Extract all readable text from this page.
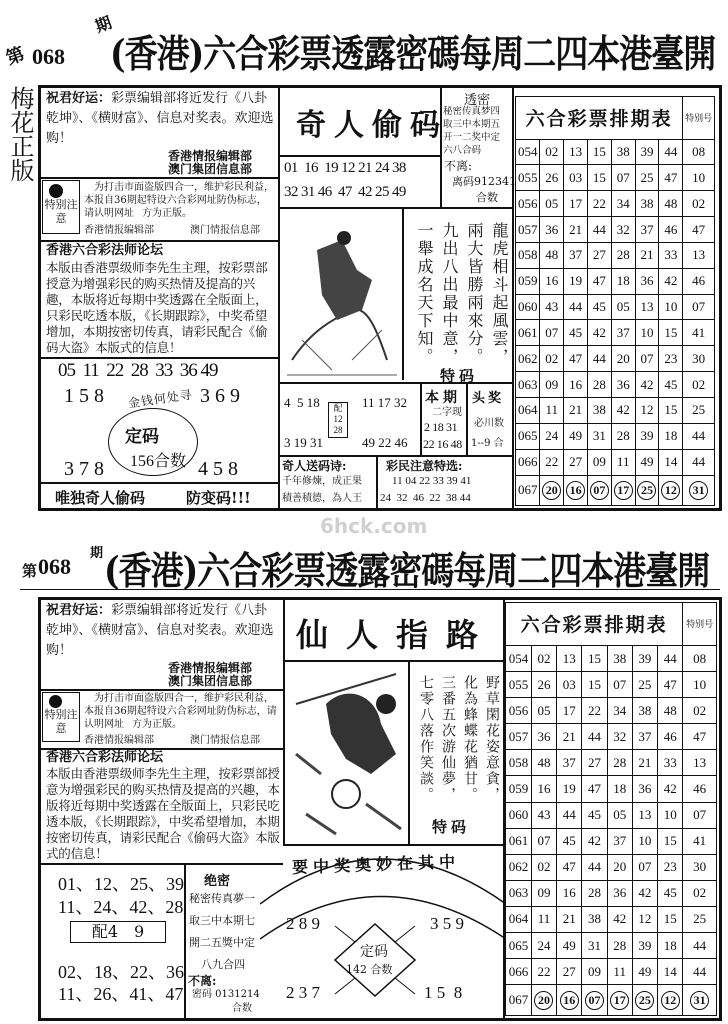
第 068
期
(香港)六合彩票透露密碼每周二四本港臺開
梅花正版 祝君好运：彩票编辑部将近发行《八卦乾坤》、《横财富》、信息对奖表。欢迎选购！
香港情报编辑部
澳门集团信息部
特别注意
为打击市面盗版四合一，维护彩民利益，本报自36期起特设六合彩网址防伪标志，请认明网址 方为正版。
香港情报编辑部	澳门情报信息部
香港六合彩法师论坛
本版由香港票级师李先生主理，按彩票部授意为增强彩民的购买热情及提高的兴趣，本版将近每期中奖透露在全版面上，只彩民吃透本版，《长期跟踪》，中奖希望增加，本期按密切传真，请彩民配合《偷码大盗》本版式的信息！
05  11  22  28  33  36 49
1 5 8	3 6 9
金钱何处寻
定码
156合数
3 7 8	4 5 8
唯独奇人偷码	防变码!!!
奇人偷码
01  16  19 12 21 24 38
32 31 46  47  42 25 49
透密
秘密传真梦四
取三中本期五
开一二奖中定
六八合码
不离:
离码912341
合数
龍虎相斗起風雲，兩大皆勝兩來分。九出八出最中意，一舉成名天下知。
特码
4  5 18
3 19 31
配
12
28
11 17 32
49 22 46
本期
二字现
2 18 31
22 16 48
头奖
必川数
1--9 合
奇人送码诗:
千年修煉，成正果
積善積德，為人王
彩民注意特选:
11 04 22 33 39 41
24  32  46  22  38 44
六合彩票排期表							特别号
054	02	13	15	38	39	44	08
055	26	03	15	07	25	47	10
056	05	17	22	34	38	48	02
057	36	21	44	32	37	46	47
058	48	37	27	28	21	33	13
059	16	19	47	18	36	42	46
060	43	44	45	05	13	10	07
061	07	45	42	37	10	15	41
062	02	47	44	20	07	23	30
063	09	16	28	36	42	45	02
064	11	21	38	42	12	15	25
065	24	49	31	28	39	18	44
066	22	27	09	11	49	14	44
067	20	16	07	17	25	12	31
6hck.com
第 068
期 (香港)六合彩票透露密碼每周二四本港臺開
祝君好运：彩票编辑部将近发行《八卦乾坤》、《横财富》、信息对奖表。欢迎选购！
香港情报编辑部
澳门集团信息部
特别注意
为打击市面盗版四合一，维护彩民利益，本报自36期起特设六合彩网址防伪标志，请认明网址 方为正版。
香港情报编辑部	澳门情报信息部
香港六合彩法师论坛
本版由香港票级师李先生主理，按彩票部授意为增强彩民的购买热情及提高的兴趣，本版将近每期中奖透露在全版面上，只彩民吃透本版，《长期跟踪》，中奖希望增加，本期按密切传真，请彩民配合《偷码大盗》本版式的信息！
01、12、25、39
11、24、42、28
配4　9
02、18、22、36
11、26、41、47
绝密
秘密传真夢一
取三中本期七
開二五獎中定
八九合四
不离:
密码 0131214
合数
仙人指路
野草閑花姿意貪，化為蜂蝶花猶甘。三番五次游仙夢，七零八落作笑談。
特码
要中奖奥妙在其中
2 8 9	3 5 9
定码
142 合数
2 3 7	1 5  8
六合彩票排期表							特别号
054	02	13	15	38	39	44	08
055	26	03	15	07	25	47	10
056	05	17	22	34	38	48	02
057	36	21	44	32	37	46	47
058	48	37	27	28	21	33	13
059	16	19	47	18	36	42	46
060	43	44	45	05	13	10	07
061	07	45	42	37	10	15	41
062	02	47	44	20	07	23	30
063	09	16	28	36	42	45	02
064	11	21	38	42	12	15	25
065	24	49	31	28	39	18	44
066	22	27	09	11	49	14	44
067	20	16	07	17	25	12	31
